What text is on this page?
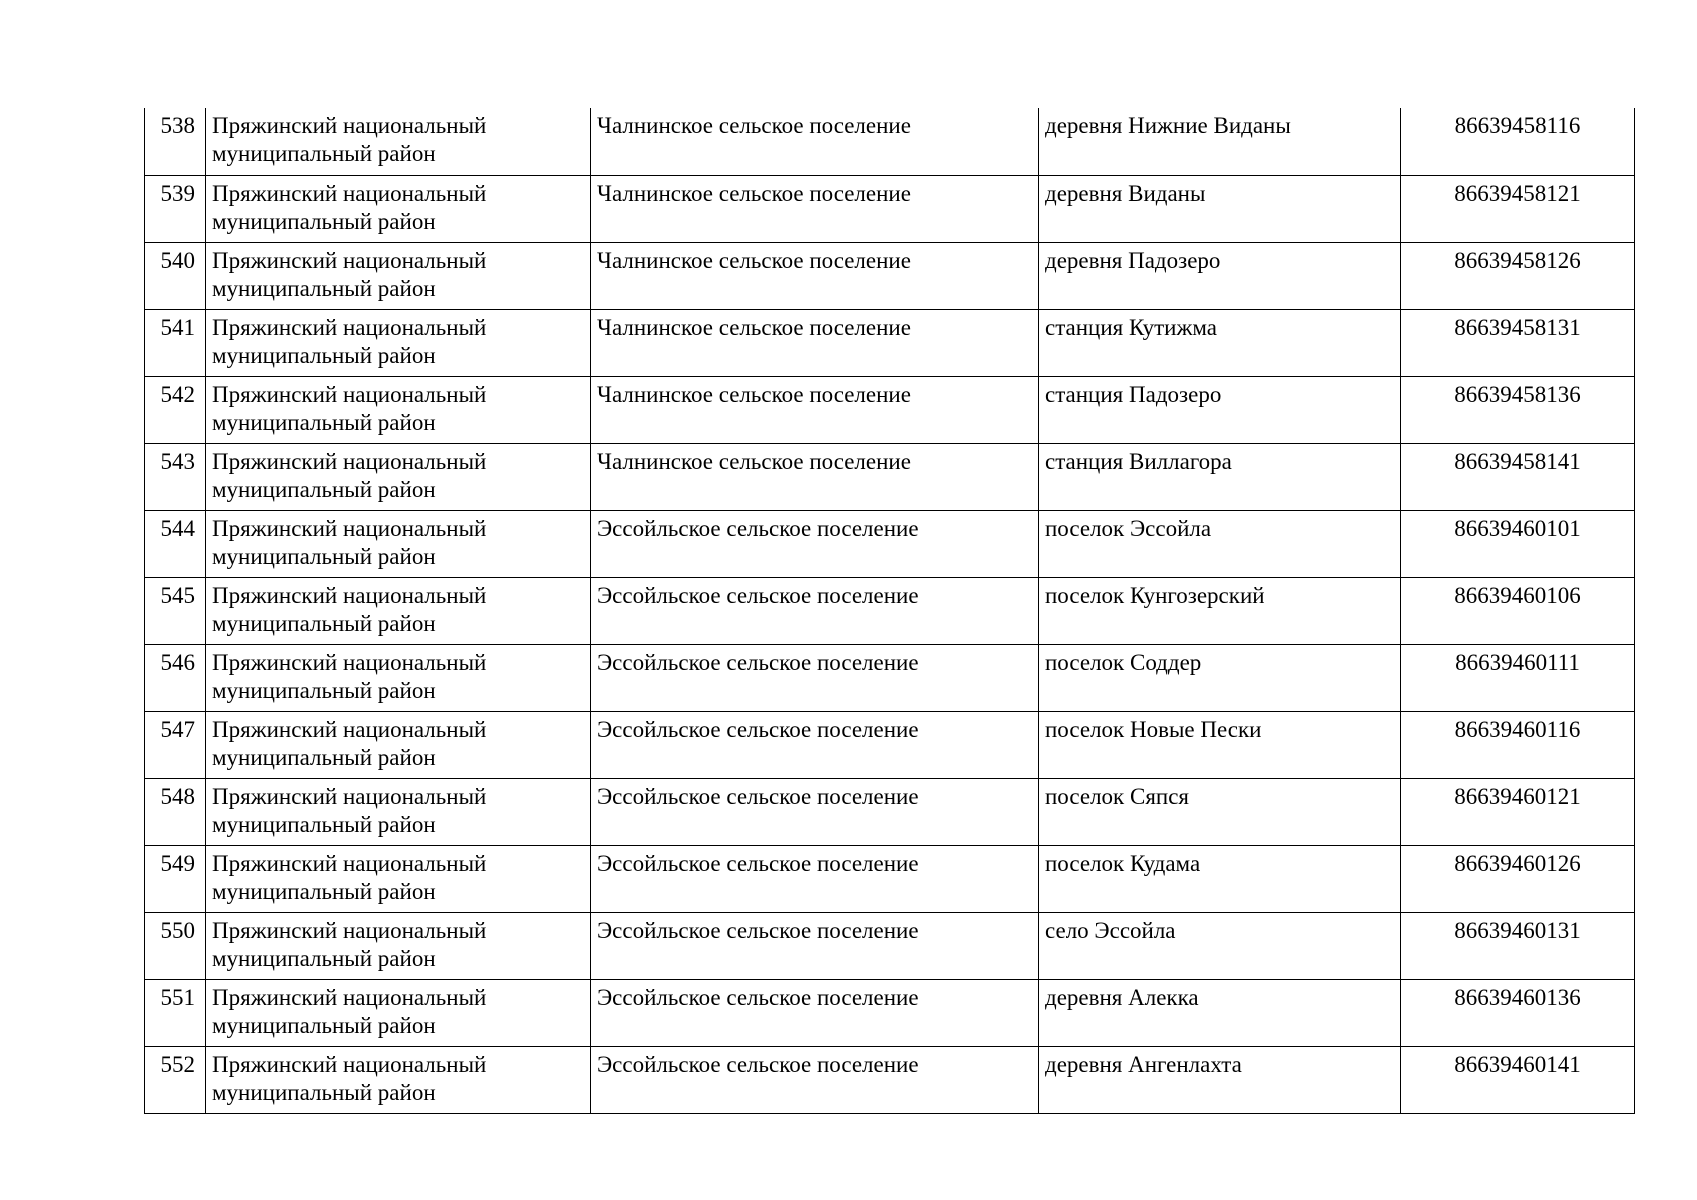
538	Пряжинский национальный
муниципальный район	Чалнинское сельское поселение	деревня Нижние Виданы	86639458116
539	Пряжинский национальный
муниципальный район	Чалнинское сельское поселение	деревня Виданы	86639458121
540	Пряжинский национальный
муниципальный район	Чалнинское сельское поселение	деревня Падозеро	86639458126
541	Пряжинский национальный
муниципальный район	Чалнинское сельское поселение	станция Кутижма	86639458131
542	Пряжинский национальный
муниципальный район	Чалнинское сельское поселение	станция Падозеро	86639458136
543	Пряжинский национальный
муниципальный район	Чалнинское сельское поселение	станция Виллагора	86639458141
544	Пряжинский национальный
муниципальный район	Эссойльское сельское поселение	поселок Эссойла	86639460101
545	Пряжинский национальный
муниципальный район	Эссойльское сельское поселение	поселок Кунгозерский	86639460106
546	Пряжинский национальный
муниципальный район	Эссойльское сельское поселение	поселок Соддер	86639460111
547	Пряжинский национальный
муниципальный район	Эссойльское сельское поселение	поселок Новые Пески	86639460116
548	Пряжинский национальный
муниципальный район	Эссойльское сельское поселение	поселок Сяпся	86639460121
549	Пряжинский национальный
муниципальный район	Эссойльское сельское поселение	поселок Кудама	86639460126
550	Пряжинский национальный
муниципальный район	Эссойльское сельское поселение	село Эссойла	86639460131
551	Пряжинский национальный
муниципальный район	Эссойльское сельское поселение	деревня Алекка	86639460136
552	Пряжинский национальный
муниципальный район	Эссойльское сельское поселение	деревня Ангенлахта	86639460141
